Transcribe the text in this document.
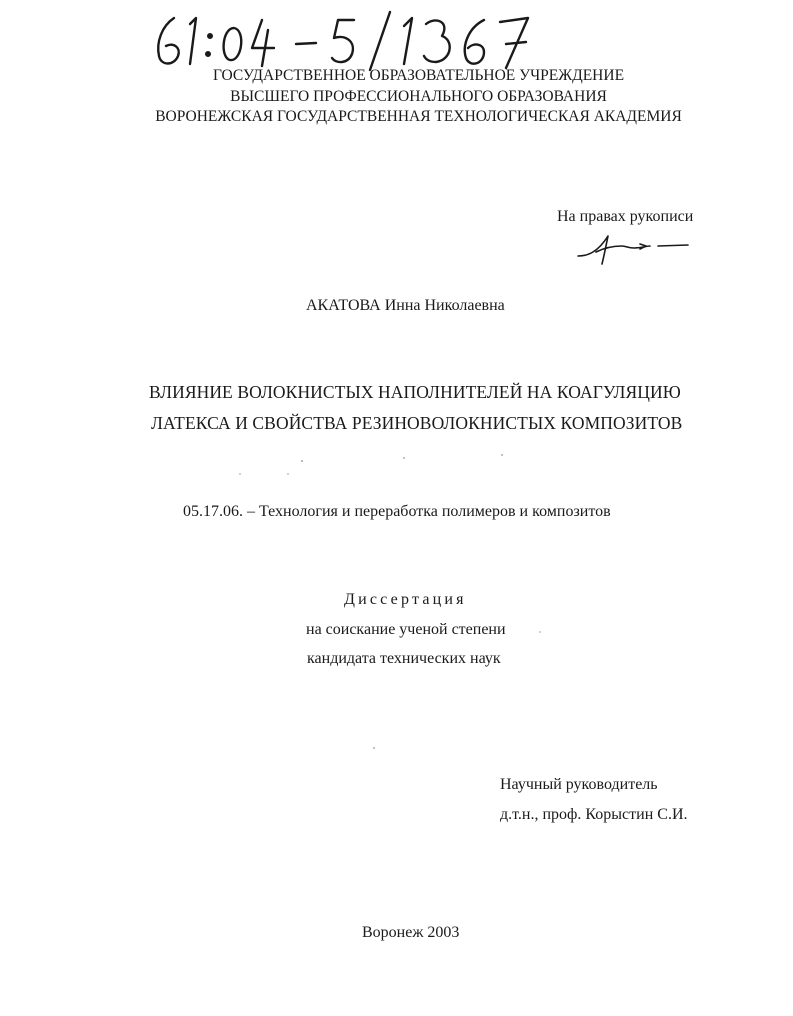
ГОСУДАРСТВЕННОЕ ОБРАЗОВАТЕЛЬНОЕ УЧРЕЖДЕНИЕ
ВЫСШЕГО ПРОФЕССИОНАЛЬНОГО ОБРАЗОВАНИЯ
ВОРОНЕЖСКАЯ ГОСУДАРСТВЕННАЯ ТЕХНОЛОГИЧЕСКАЯ АКАДЕМИЯ
На правах рукописи
АКАТОВА Инна Николаевна
ВЛИЯНИЕ ВОЛОКНИСТЫХ НАПОЛНИТЕЛЕЙ НА КОАГУЛЯЦИЮ
ЛАТЕКСА И СВОЙСТВА РЕЗИНОВОЛОКНИСТЫХ КОМПОЗИТОВ
05.17.06. – Технология и переработка полимеров и композитов
Диссертация
на соискание ученой степени
кандидата технических наук
Научный руководитель
д.т.н., проф. Корыстин С.И.
Воронеж 2003
